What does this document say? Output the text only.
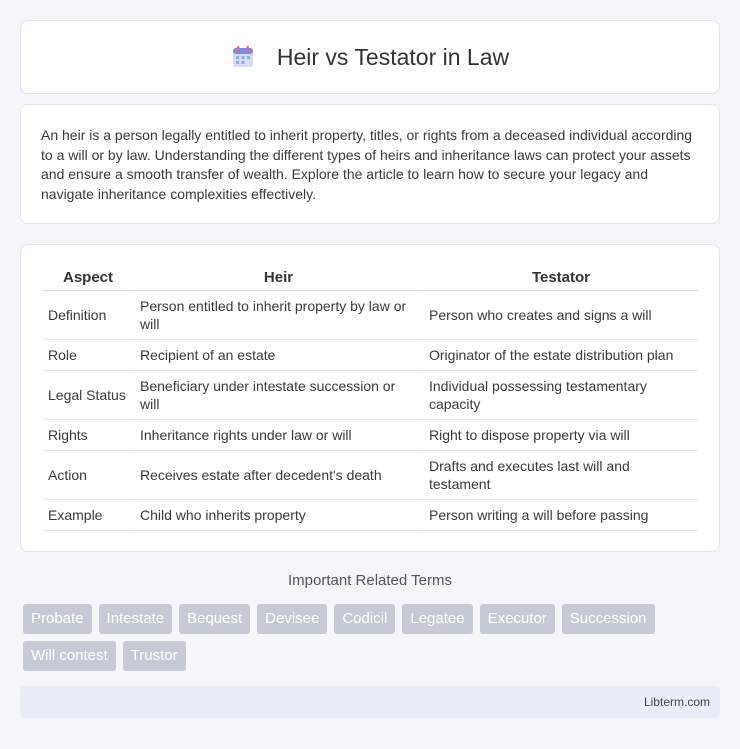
Heir vs Testator in Law

An heir is a person legally entitled to inherit property, titles, or rights from a deceased individual according to a will or by law. Understanding the different types of heirs and inheritance laws can protect your assets and ensure a smooth transfer of wealth. Explore the article to learn how to secure your legacy and navigate inheritance complexities effectively.

Aspect	Heir	Testator
Definition	Person entitled to inherit property by law or will	Person who creates and signs a will
Role	Recipient of an estate	Originator of the estate distribution plan
Legal Status	Beneficiary under intestate succession or will	Individual possessing testamentary capacity
Rights	Inheritance rights under law or will	Right to dispose property via will
Action	Receives estate after decedent's death	Drafts and executes last will and testament
Example	Child who inherits property	Person writing a will before passing
Important Related Terms
Probate	Intestate	Bequest	Devisee	Codicil	Legatee	Executor	Succession
Will contest	Trustor
Libterm.com
